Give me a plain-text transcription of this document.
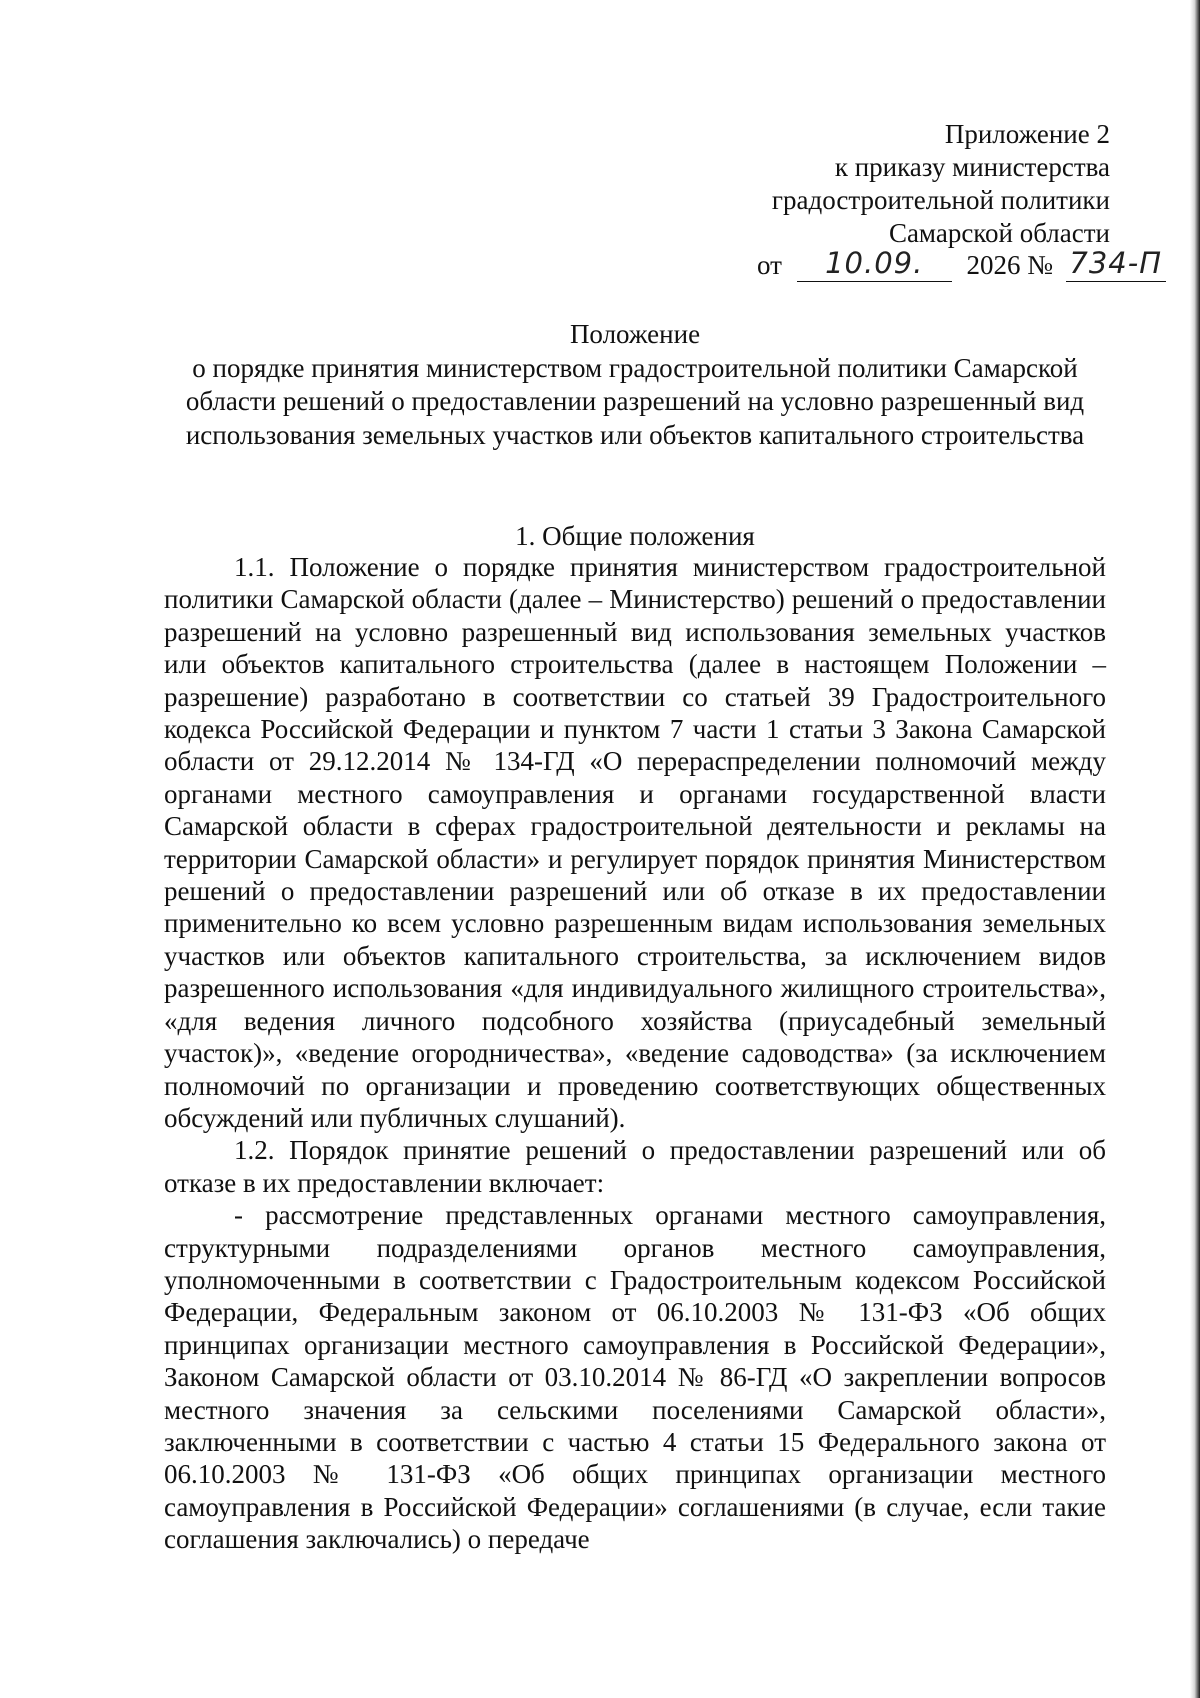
Приложение 2
к приказу министерства
градостроительной политики
Самарской области
от	10.09.	2026 № 734-П
Положение
о порядке принятия министерством градостроительной политики Самарской области решений о предоставлении разрешений на условно разрешенный вид использования земельных участков или объектов капитального строительства
1. Общие положения

1.1. Положение о порядке принятия министерством градостроительной политики Самарской области (далее – Министерство) решений о предоставлении разрешений на условно разрешенный вид использования земельных участков или объектов капитального строительства (далее в настоящем Положении – разрешение) разработано в соответствии со статьей 39 Градостроительного кодекса Российской Федерации и пунктом 7 части 1 статьи 3 Закона Самарской области от 29.12.2014 № 134-ГД «О перераспределении полномочий между органами местного самоуправления и органами государственной власти Самарской области в сферах градостроительной деятельности и рекламы на территории Самарской области» и регулирует порядок принятия Министерством решений о предоставлении разрешений или об отказе в их предоставлении применительно ко всем условно разрешенным видам использования земельных участков или объектов капитального строительства, за исключением видов разрешенного использования «для индивидуального жилищного строительства», «для ведения личного подсобного хозяйства (приусадебный земельный участок)», «ведение огородничества», «ведение садоводства» (за исключением полномочий по организации и проведению соответствующих общественных обсуждений или публичных слушаний).

1.2. Порядок принятие решений о предоставлении разрешений или об отказе в их предоставлении включает:

- рассмотрение представленных органами местного самоуправления, структурными подразделениями органов местного самоуправления, уполномоченными в соответствии с Градостроительным кодексом Российской Федерации, Федеральным законом от 06.10.2003 № 131-ФЗ «Об общих принципах организации местного самоуправления в Российской Федерации», Законом Самарской области от 03.10.2014 № 86-ГД «О закреплении вопросов местного значения за сельскими поселениями Самарской области», заключенными в соответствии с частью 4 статьи 15 Федерального закона от 06.10.2003 № 131-ФЗ «Об общих принципах организации местного самоуправления в Российской Федерации» соглашениями (в случае, если такие соглашения заключались) о передаче
